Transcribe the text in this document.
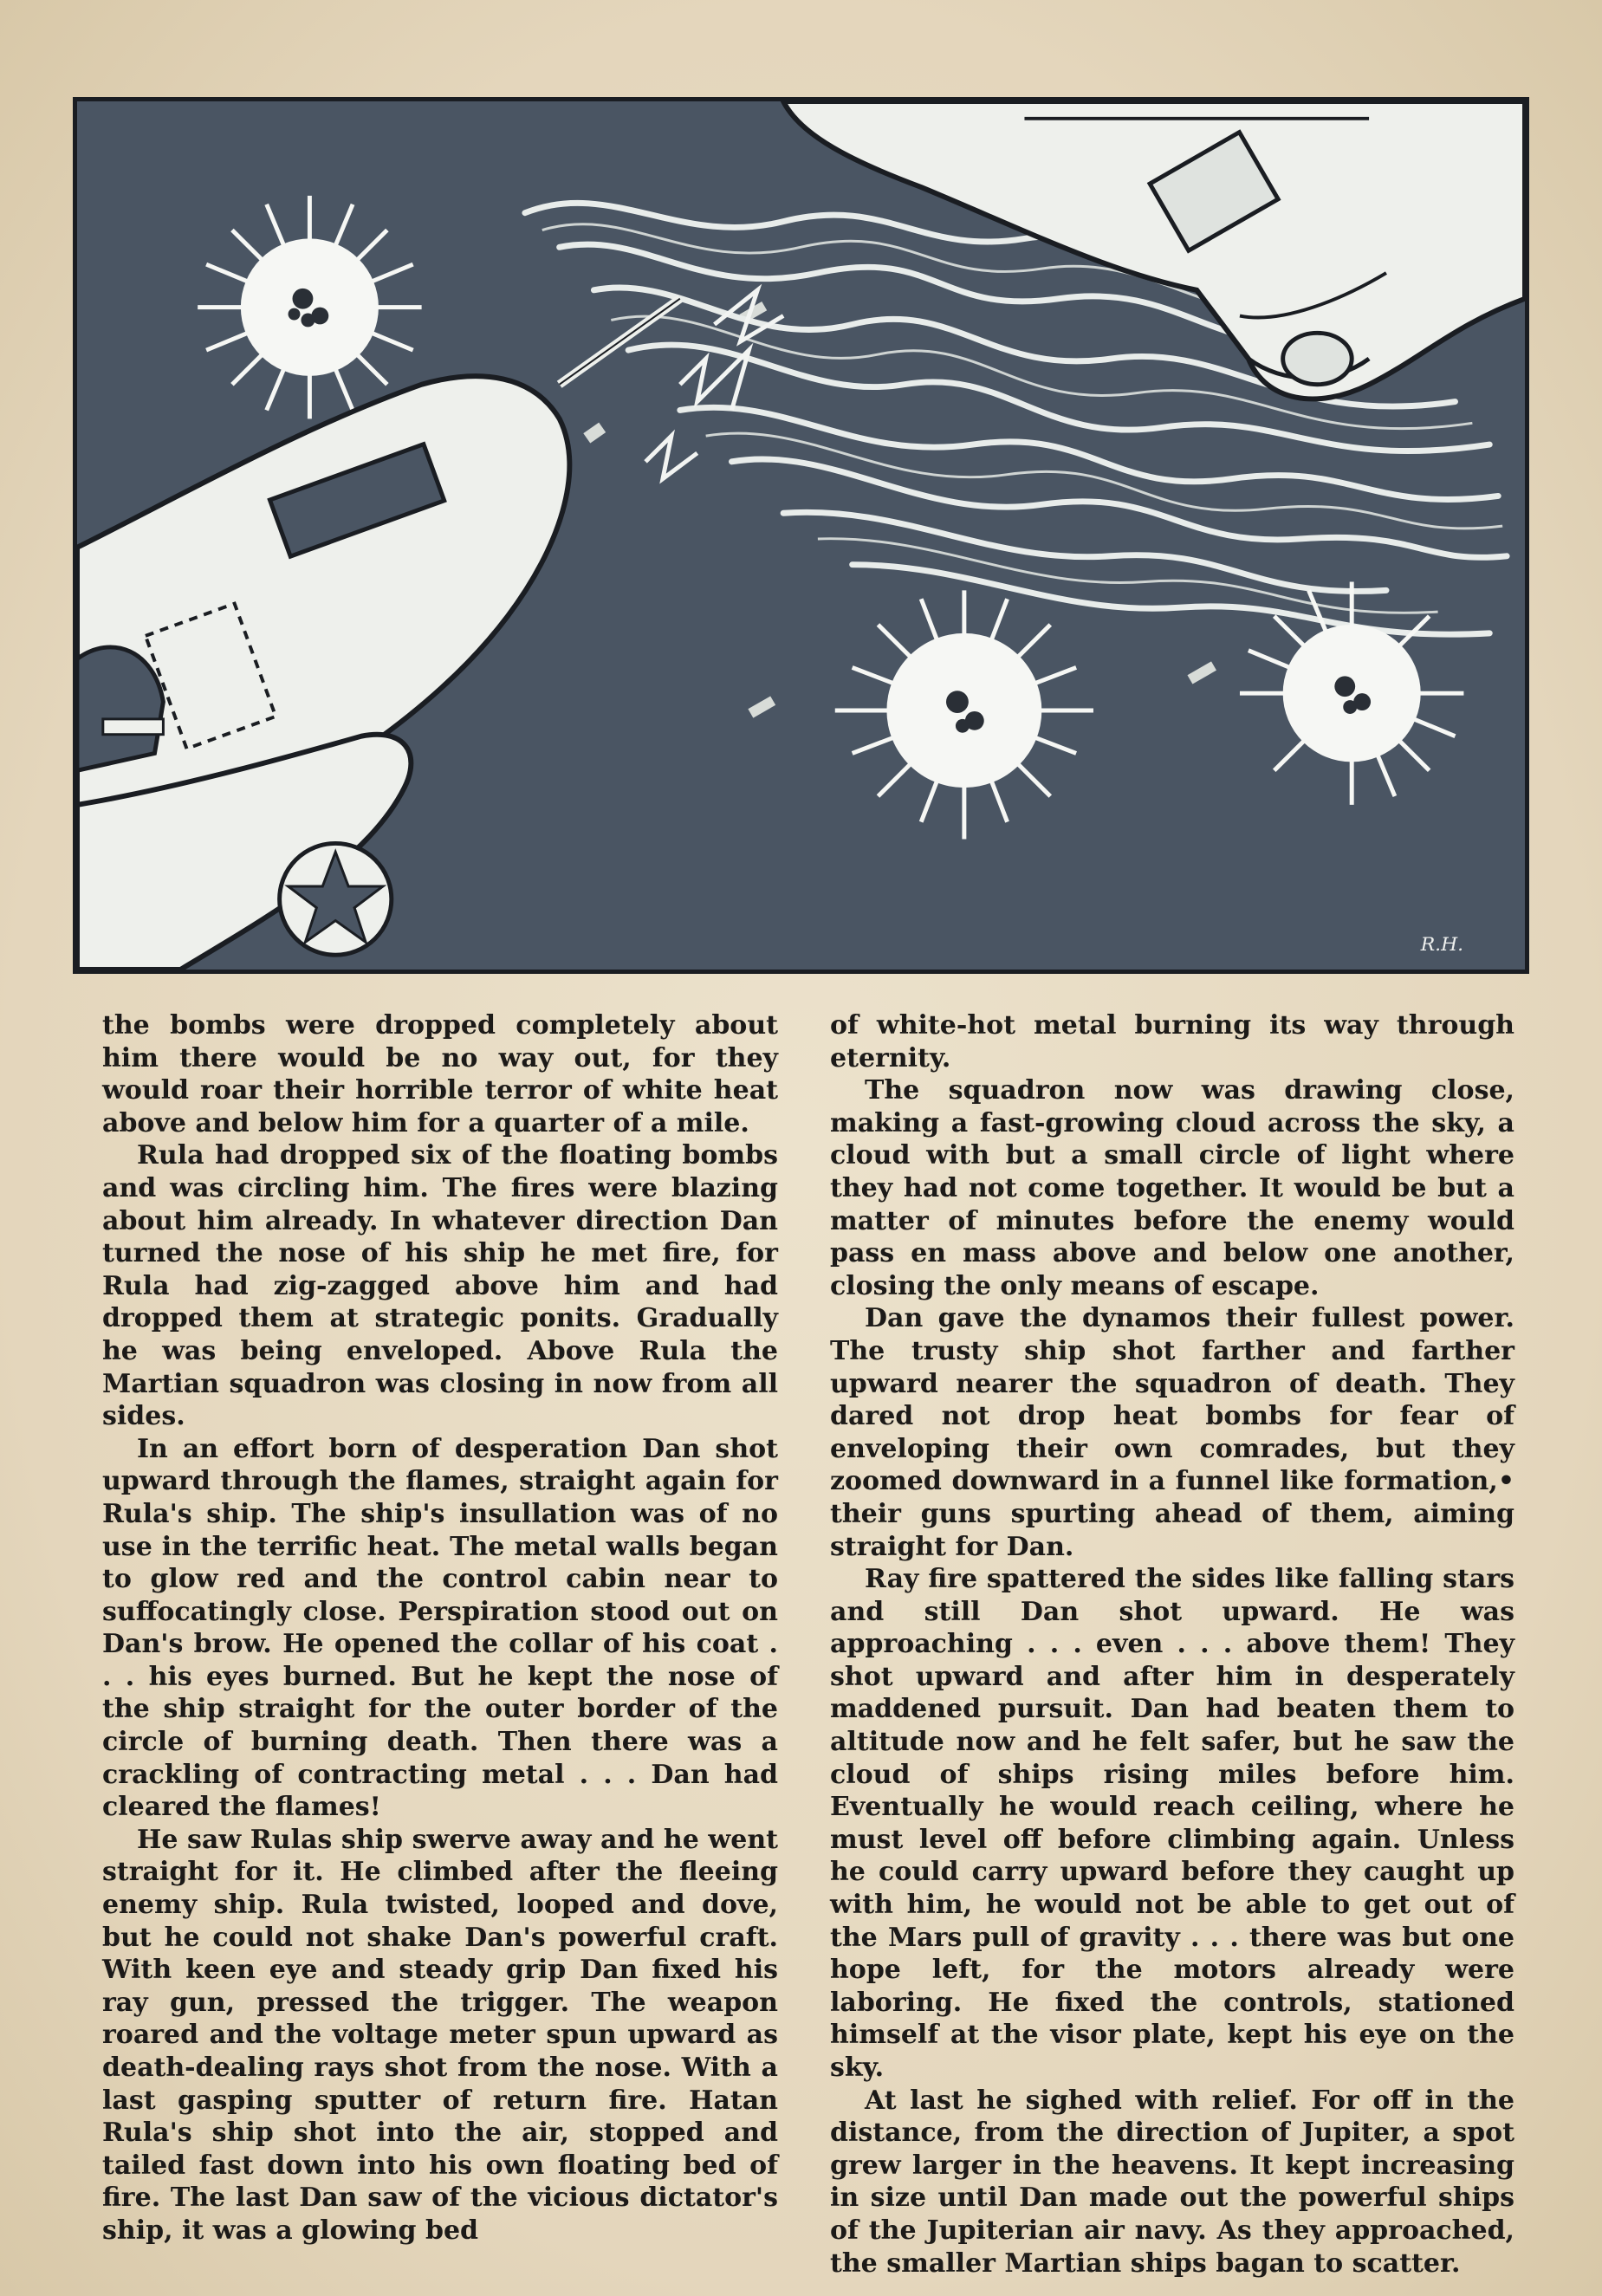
R.H.

the bombs were dropped completely about him there would be no way out, for they would roar their horrible terror of white heat above and below him for a quarter of a mile.

Rula had dropped six of the floating bombs and was circling him. The fires were blazing about him already. In whatever direction Dan turned the nose of his ship he met fire, for Rula had zig-zagged above him and had dropped them at strategic ponits. Gradually he was being enveloped. Above Rula the Martian squadron was closing in now from all sides.

In an effort born of desperation Dan shot upward through the flames, straight again for Rula's ship. The ship's insullation was of no use in the terrific heat. The metal walls began to glow red and the control cabin near to suffocatingly close. Perspiration stood out on Dan's brow. He opened the collar of his coat . . . his eyes burned. But he kept the nose of the ship straight for the outer border of the circle of burning death. Then there was a crackling of contracting metal . . . Dan had cleared the flames!

He saw Rulas ship swerve away and he went straight for it. He climbed after the fleeing enemy ship. Rula twisted, looped and dove, but he could not shake Dan's powerful craft. With keen eye and steady grip Dan fixed his ray gun, pressed the trigger. The weapon roared and the voltage meter spun upward as death-dealing rays shot from the nose. With a last gasping sputter of return fire. Hatan Rula's ship shot into the air, stopped and tailed fast down into his own floating bed of fire. The last Dan saw of the vicious dictator's ship, it was a glowing bed

of white-hot metal burning its way through eternity.

The squadron now was drawing close, making a fast-growing cloud across the sky, a cloud with but a small circle of light where they had not come together. It would be but a matter of minutes before the enemy would pass en mass above and below one another, closing the only means of escape.

Dan gave the dynamos their fullest power. The trusty ship shot farther and farther upward nearer the squadron of death. They dared not drop heat bombs for fear of enveloping their own comrades, but they zoomed downward in a funnel like formation,• their guns spurting ahead of them, aiming straight for Dan.

Ray fire spattered the sides like falling stars and still Dan shot upward. He was approaching . . . even . . . above them! They shot upward and after him in desperately maddened pursuit. Dan had beaten them to altitude now and he felt safer, but he saw the cloud of ships rising miles before him. Eventually he would reach ceiling, where he must level off before climbing again. Unless he could carry upward before they caught up with him, he would not be able to get out of the Mars pull of gravity . . . there was but one hope left, for the motors already were laboring. He fixed the controls, stationed himself at the visor plate, kept his eye on the sky.

At last he sighed with relief. For off in the distance, from the direction of Jupiter, a spot grew larger in the heavens. It kept increasing in size until Dan made out the powerful ships of the Jupiterian air navy. As they approached, the smaller Martian ships bagan to scatter.
